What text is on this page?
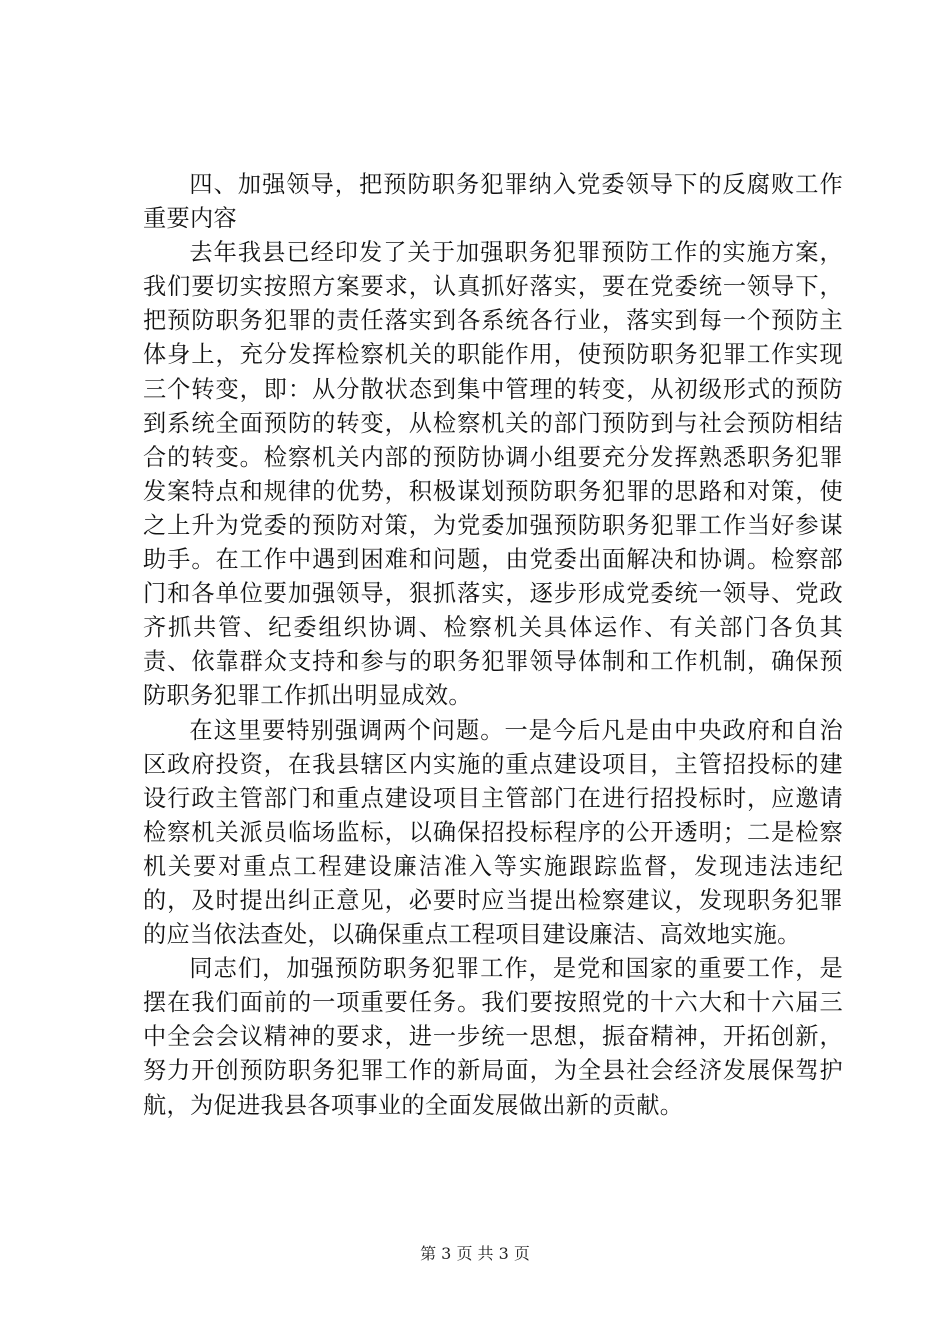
四、加强领导，把预防职务犯罪纳入党委领导下的反腐败工作重要内容

去年我县已经印发了关于加强职务犯罪预防工作的实施方案，我们要切实按照方案要求，认真抓好落实，要在党委统一领导下，把预防职务犯罪的责任落实到各系统各行业，落实到每一个预防主体身上，充分发挥检察机关的职能作用，使预防职务犯罪工作实现三个转变，即：从分散状态到集中管理的转变，从初级形式的预防到系统全面预防的转变，从检察机关的部门预防到与社会预防相结合的转变。检察机关内部的预防协调小组要充分发挥熟悉职务犯罪发案特点和规律的优势，积极谋划预防职务犯罪的思路和对策，使之上升为党委的预防对策，为党委加强预防职务犯罪工作当好参谋助手。在工作中遇到困难和问题，由党委出面解决和协调。检察部门和各单位要加强领导，狠抓落实，逐步形成党委统一领导、党政齐抓共管、纪委组织协调、检察机关具体运作、有关部门各负其责、依靠群众支持和参与的职务犯罪领导体制和工作机制，确保预防职务犯罪工作抓出明显成效。

在这里要特别强调两个问题。一是今后凡是由中央政府和自治区政府投资，在我县辖区内实施的重点建设项目，主管招投标的建设行政主管部门和重点建设项目主管部门在进行招投标时，应邀请检察机关派员临场监标，以确保招投标程序的公开透明；二是检察机关要对重点工程建设廉洁准入等实施跟踪监督，发现违法违纪的，及时提出纠正意见，必要时应当提出检察建议，发现职务犯罪的应当依法查处，以确保重点工程项目建设廉洁、高效地实施。

同志们，加强预防职务犯罪工作，是党和国家的重要工作，是摆在我们面前的一项重要任务。我们要按照党的十六大和十六届三中全会会议精神的要求，进一步统一思想，振奋精神，开拓创新，努力开创预防职务犯罪工作的新局面，为全县社会经济发展保驾护航，为促进我县各项事业的全面发展做出新的贡献。

第 3 页 共 3 页
